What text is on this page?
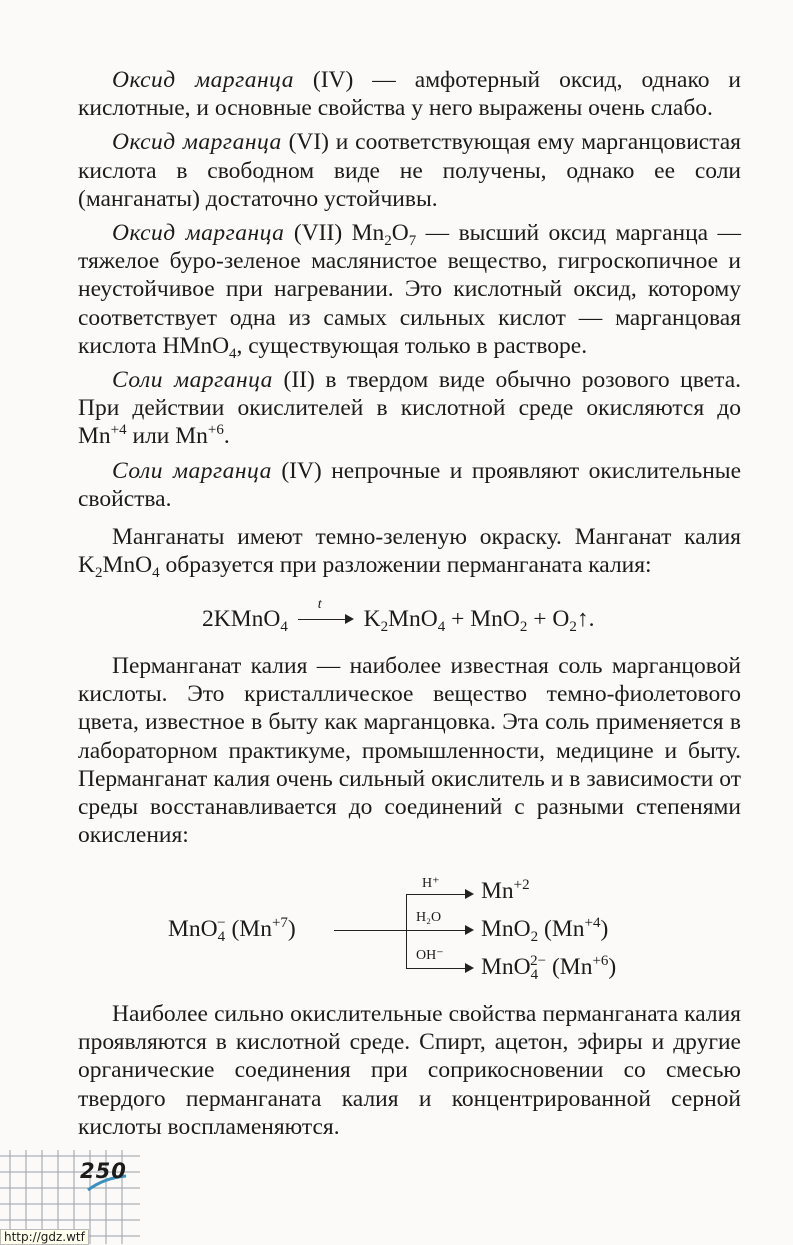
Оксид марганца (IV) — амфотерный оксид, однако и кислотные, и основные свойства у него выражены очень слабо.

Оксид марганца (VI) и соответствующая ему марганцовистая кислота в свободном виде не получены, однако ее соли (манганаты) достаточно устойчивы.

Оксид марганца (VII) $Mn_2O_7$ — высший оксид марганца — тяжелое буро-зеленое маслянистое вещество, гигроскопичное и неустойчивое при нагревании. Это кислотный оксид, которому соответствует одна из самых сильных кислот — марганцовая кислота HMnO$_4$, существующая только в растворе.

Соли марганца (II) в твердом виде обычно розового цвета. При действии окислителей в кислотной среде окисляются до $Mn^{+4}$ или $Mn^{+6}$.

Соли марганца (IV) непрочные и проявляют окислительные свойства.

Манганаты имеют темно-зеленую окраску. Манганат калия $K_2MnO_4$ образуется при разложении перманганата калия:

2KMnO$_4$
t
$K_2MnO_4 + MnO_2$ + $O_2↑$.

Перманганат калия — наиболее известная соль марганцовой кислоты. Это кристаллическое вещество темно-фиолетового цвета, известное в быту как марганцовка. Эта соль применяется в лабораторном практикуме, промышленности, медицине и быту. Перманганат калия очень сильный окислитель и в зависимости от среды восстанавливается до соединений с разными степенями окисления:

MnO$_4$− $(Mn^{+7})$
H⁺
H₂O
OH⁻
$Mn^{+2}$
MnO$_2$ $(Mn^{+4})$
MnO$_4^{2-}$ $(Mn^{+6})$

Наиболее сильно окислительные свойства перманганата калия проявляются в кислотной среде. Спирт, ацетон, эфиры и другие органические соединения при соприкосновении со смесью твердого перманганата калия и концентрированной серной кислоты воспламеняются.

250
http://gdz.wtf
